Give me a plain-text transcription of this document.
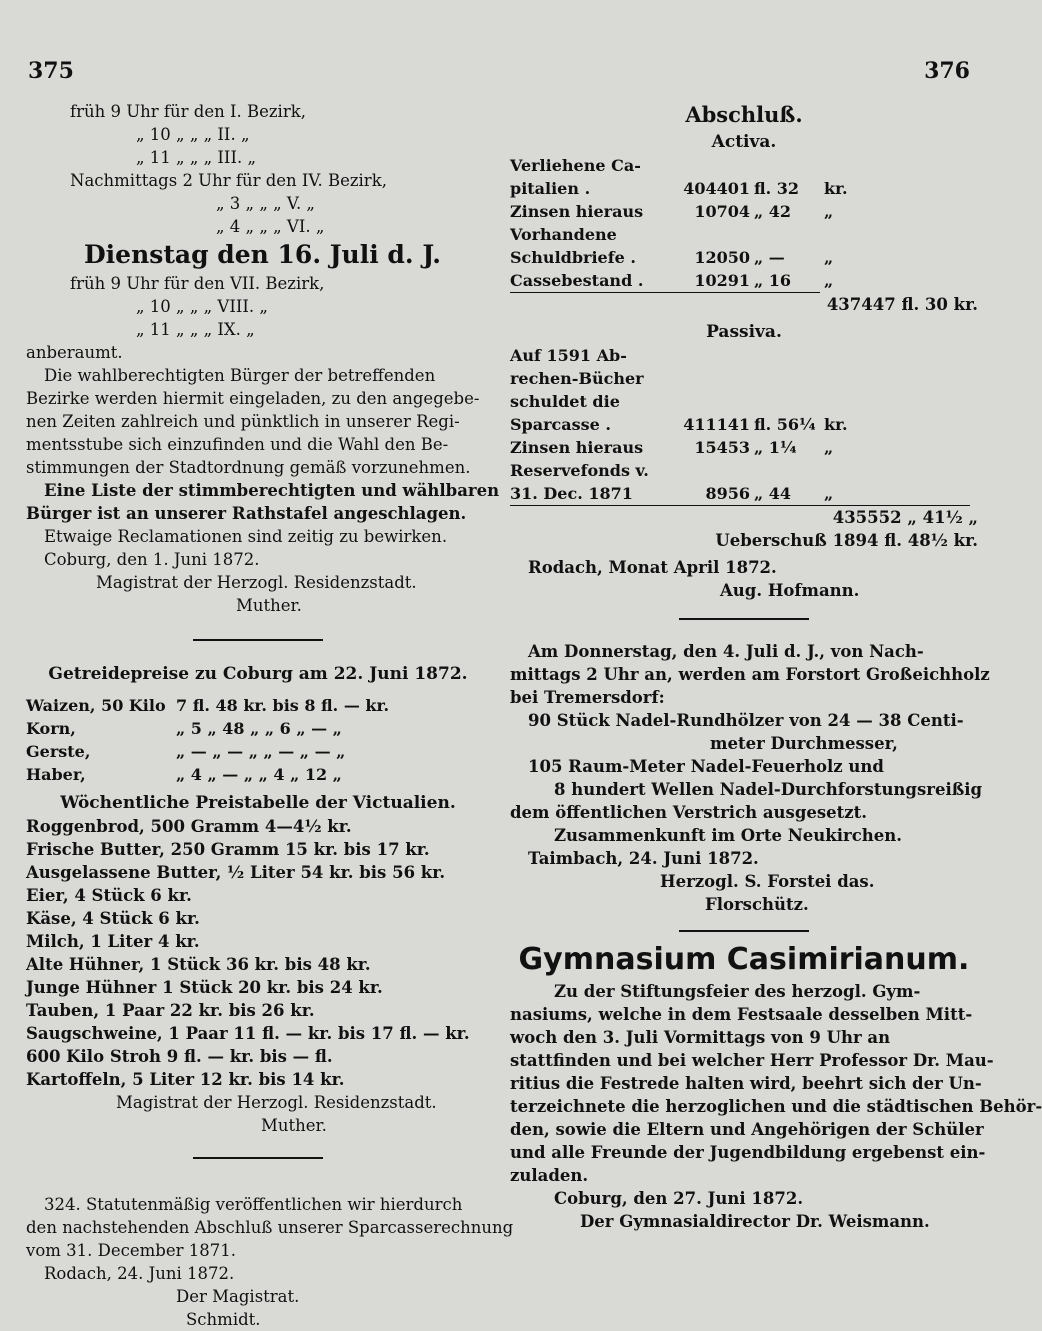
375	376
früh 9 Uhr für den I. Bezirk,
„ 10 „ „ „ II. „
„ 11 „ „ „ III. „
Nachmittags 2 Uhr für den IV. Bezirk,
„ 3 „ „ „ V. „
„ 4 „ „ „ VI. „
Dienstag den 16. Juli d. J.
früh 9 Uhr für den VII. Bezirk,
„ 10 „ „ „ VIII. „
„ 11 „ „ „ IX. „
anberaumt.
Die wahlberechtigten Bürger der betreffenden
Bezirke werden hiermit eingeladen, zu den angegebe-
nen Zeiten zahlreich und pünktlich in unserer Regi-
mentsstube sich einzufinden und die Wahl den Be-
stimmungen der Stadtordnung gemäß vorzunehmen.
Eine Liste der stimmberechtigten und wählbaren
Bürger ist an unserer Rathstafel angeschlagen.
Etwaige Reclamationen sind zeitig zu bewirken.
Coburg, den 1. Juni 1872.
Magistrat der Herzogl. Residenzstadt.
Muther.
Getreidepreise zu Coburg am 22. Juni 1872.
Waizen, 50 Kilo	7 fl. 48 kr. bis 8 fl. — kr.
Korn,	„ 5 „ 48 „ „ 6 „ — „
Gerste,	„ — „ — „ „ — „ — „
Haber,	„ 4 „ — „ „ 4 „ 12 „
Wöchentliche Preistabelle der Victualien.
Roggenbrod, 500 Gramm 4—4½ kr.
Frische Butter, 250 Gramm 15 kr. bis 17 kr.
Ausgelassene Butter, ½ Liter 54 kr. bis 56 kr.
Eier, 4 Stück 6 kr.
Käse, 4 Stück 6 kr.
Milch, 1 Liter 4 kr.
Alte Hühner, 1 Stück 36 kr. bis 48 kr.
Junge Hühner 1 Stück 20 kr. bis 24 kr.
Tauben, 1 Paar 22 kr. bis 26 kr.
Saugschweine, 1 Paar 11 fl. — kr. bis 17 fl. — kr.
600 Kilo Stroh 9 fl. — kr. bis — fl.
Kartoffeln, 5 Liter 12 kr. bis 14 kr.
Magistrat der Herzogl. Residenzstadt.
Muther.
324. Statutenmäßig veröffentlichen wir hierdurch
den nachstehenden Abschluß unserer Sparcasserechnung
vom 31. December 1871.
Rodach, 24. Juni 1872.
Der Magistrat.
Schmidt.
Abschluß.
Activa.
Verliehene Ca-			
pitalien .	404401	fl. 32	kr.
Zinsen hieraus	10704	„ 42	„
Vorhandene			
Schuldbriefe .	12050	„ —	„
Cassebestand .	10291	„ 16	„
437447 fl. 30 kr.
Passiva.
Auf 1591 Ab-			
rechen-Bücher			
schuldet die			
Sparcasse .	411141	fl. 56¼	kr.
Zinsen hieraus	15453	„ 1¼	„
Reservefonds v.			
31. Dec. 1871	8956	„ 44	„
435552 „ 41½ „
Ueberschuß 1894 fl. 48½ kr.
Rodach, Monat April 1872.
Aug. Hofmann.
Am Donnerstag, den 4. Juli d. J., von Nach-
mittags 2 Uhr an, werden am Forstort Großeichholz
bei Tremersdorf:
90 Stück Nadel-Rundhölzer von 24 — 38 Centi-
meter Durchmesser,
105 Raum-Meter Nadel-Feuerholz und
8 hundert Wellen Nadel-Durchforstungsreißig
dem öffentlichen Verstrich ausgesetzt.
Zusammenkunft im Orte Neukirchen.
Taimbach, 24. Juni 1872.
Herzogl. S. Forstei das.
Florschütz.
Gymnasium Casimirianum.
Zu der Stiftungsfeier des herzogl. Gym-
nasiums, welche in dem Festsaale desselben Mitt-
woch den 3. Juli Vormittags von 9 Uhr an
stattfinden und bei welcher Herr Professor Dr. Mau-
ritius die Festrede halten wird, beehrt sich der Un-
terzeichnete die herzoglichen und die städtischen Behör-
den, sowie die Eltern und Angehörigen der Schüler
und alle Freunde der Jugendbildung ergebenst ein-
zuladen.
Coburg, den 27. Juni 1872.
Der Gymnasialdirector Dr. Weismann.
